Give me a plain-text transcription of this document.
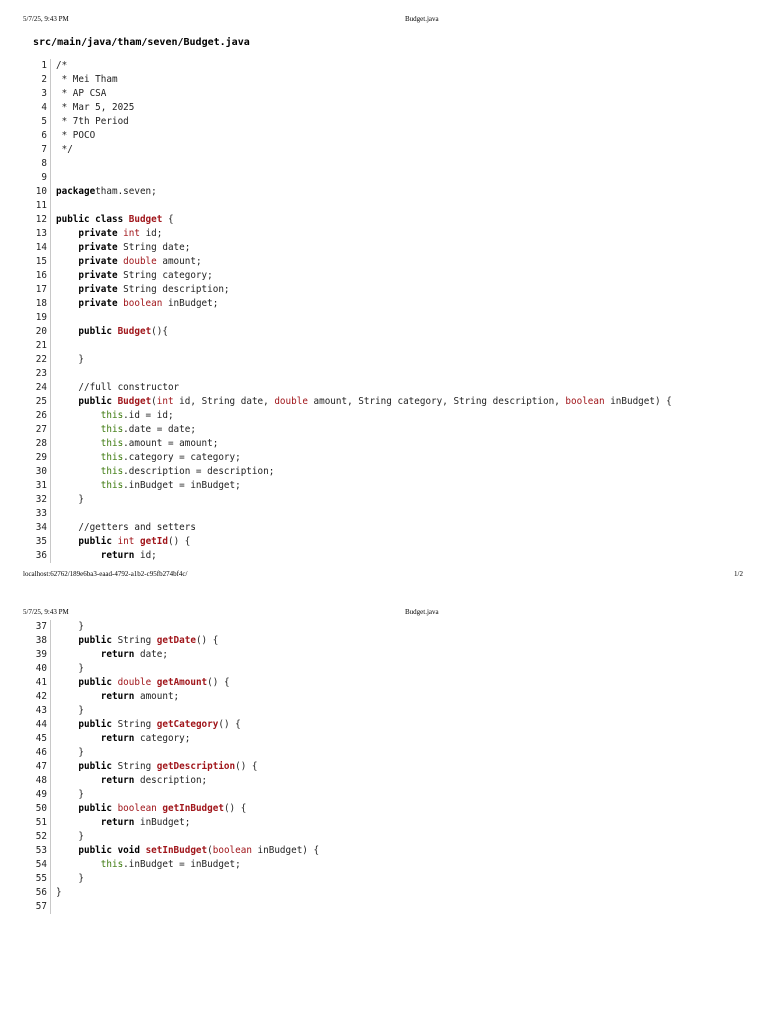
5/7/25, 9:43 PM	Budget.java
src/main/java/tham/seven/Budget.java
1 /*
2 * Mei Tham
3 * AP CSA
4 * Mar 5, 2025
5 * 7th Period
6 * POCO
7 */
8
9
10 packagetham.seven;
11
12 public class Budget {
13	private int id;
14	private String date;
15	private double amount;
16	private String category;
17	private String description;
18	private boolean inBudget;
19
20	public Budget(){
21
22 }
23
24 //full constructor
25	public Budget(int id, String date, double amount, String category, String description, boolean inBudget) {
26	this.id = id;
27	this.date = date;
28	this.amount = amount;
29	this.category = category;
30	this.description = description;
31	this.inBudget = inBudget;
32 }
33
34 //getters and setters
35	public int getId() {
36	return id;
localhost:62762/189e6ba3-eaad-4792-a1b2-c95fb274bf4c/	1/2
5/7/25, 9:43 PM	Budget.java
37 }
38	public String getDate() {
39	return date;
40 }
41	public double getAmount() {
42	return amount;
43 }
44	public String getCategory() {
45	return category;
46 }
47	public String getDescription() {
48	return description;
49 }
50	public boolean getInBudget() {
51	return inBudget;
52 }
53	public void setInBudget(boolean inBudget) {
54	this.inBudget = inBudget;
55 }
56 }
57
